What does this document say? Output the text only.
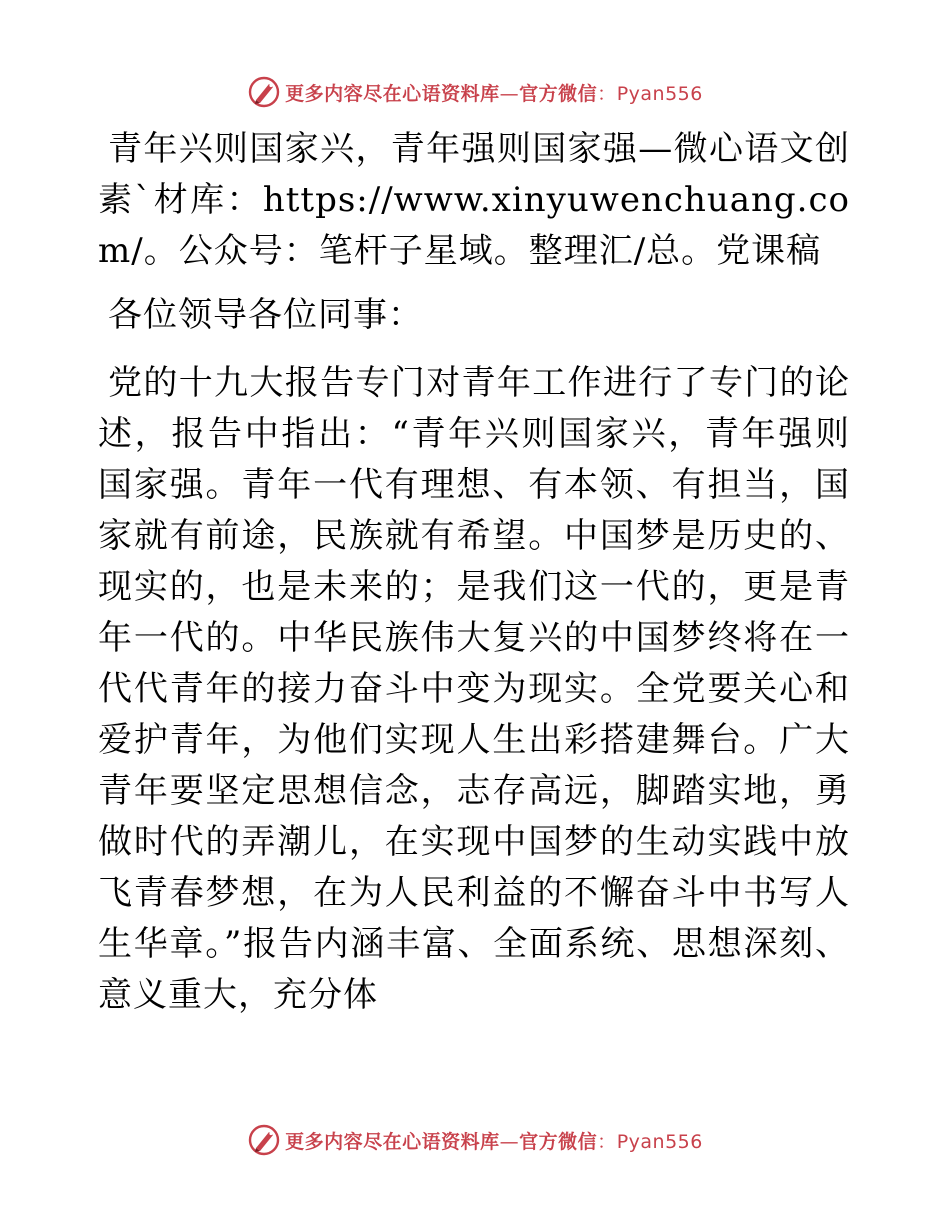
更多内容尽在心语资料库—官方微信：Pyan556

青年兴则国家兴，青年强则国家强—微心语文创素`材库：https://www.xinyuwenchuang.com/。公众号：笔杆子星域。整理汇/总。党课稿

各位领导各位同事：

党的十九大报告专门对青年工作进行了专门的论述，报告中指出：“青年兴则国家兴，青年强则国家强。青年一代有理想、有本领、有担当，国家就有前途，民族就有希望。中国梦是历史的、现实的，也是未来的；是我们这一代的，更是青年一代的。中华民族伟大复兴的中国梦终将在一代代青年的接力奋斗中变为现实。全党要关心和爱护青年，为他们实现人生出彩搭建舞台。广大青年要坚定思想信念，志存高远，脚踏实地，勇做时代的弄潮儿，在实现中国梦的生动实践中放飞青春梦想，在为人民利益的不懈奋斗中书写人生华章。”报告内涵丰富、全面系统、思想深刻、意义重大，充分体

更多内容尽在心语资料库—官方微信：Pyan556
